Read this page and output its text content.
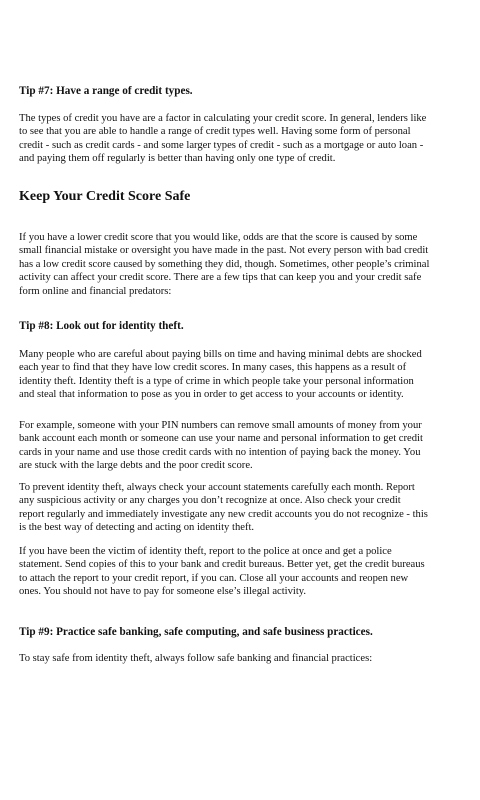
Tip #7: Have a range of credit types.

The types of credit you have are a factor in calculating your credit score. In general, lenders like
to see that you are able to handle a range of credit types well. Having some form of personal
credit - such as credit cards - and some larger types of credit - such as a mortgage or auto loan -
and paying them off regularly is better than having only one type of credit.

Keep Your Credit Score Safe

If you have a lower credit score that you would like, odds are that the score is caused by some
small financial mistake or oversight you have made in the past. Not every person with bad credit
has a low credit score caused by something they did, though. Sometimes, other people’s criminal
activity can affect your credit score. There are a few tips that can keep you and your credit safe
form online and financial predators:

Tip #8: Look out for identity theft.

Many people who are careful about paying bills on time and having minimal debts are shocked
each year to find that they have low credit scores. In many cases, this happens as a result of
identity theft. Identity theft is a type of crime in which people take your personal information
and steal that information to pose as you in order to get access to your accounts or identity.

For example, someone with your PIN numbers can remove small amounts of money from your
bank account each month or someone can use your name and personal information to get credit
cards in your name and use those credit cards with no intention of paying back the money. You
are stuck with the large debts and the poor credit score.

To prevent identity theft, always check your account statements carefully each month. Report
any suspicious activity or any charges you don’t recognize at once. Also check your credit
report regularly and immediately investigate any new credit accounts you do not recognize - this
is the best way of detecting and acting on identity theft.

If you have been the victim of identity theft, report to the police at once and get a police
statement. Send copies of this to your bank and credit bureaus. Better yet, get the credit bureaus
to attach the report to your credit report, if you can. Close all your accounts and reopen new
ones. You should not have to pay for someone else’s illegal activity.

Tip #9: Practice safe banking, safe computing, and safe business practices.

To stay safe from identity theft, always follow safe banking and financial practices:
